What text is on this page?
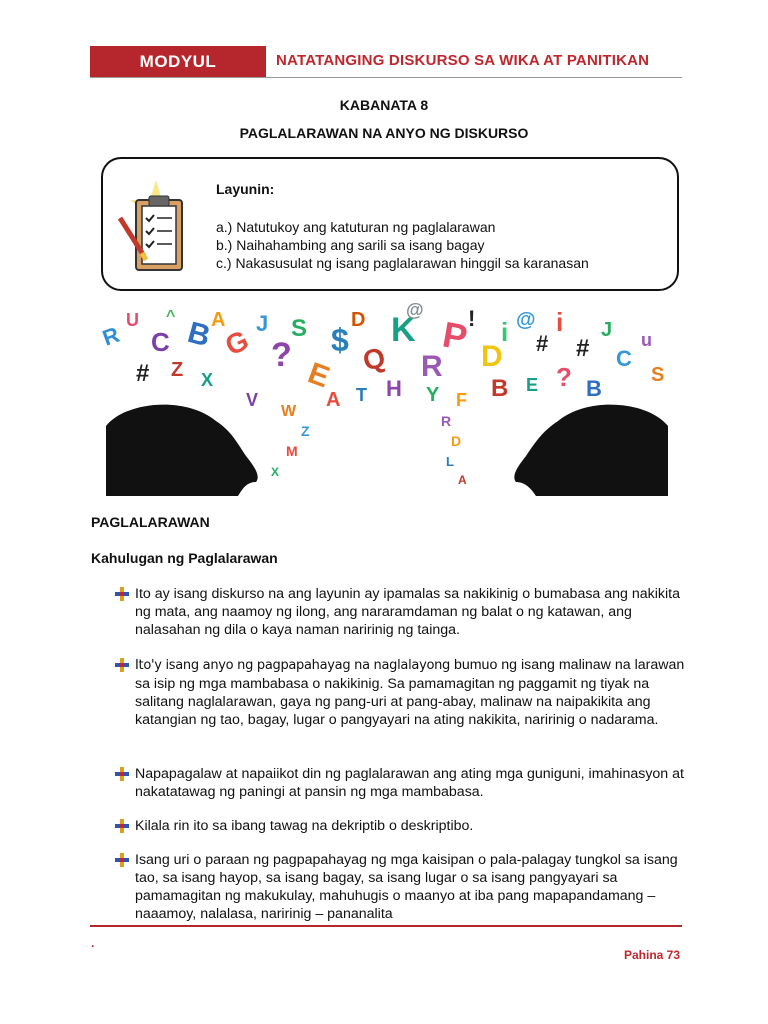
MODYUL	NATATANGING DISKURSO SA WIKA AT PANITIKAN
KABANATA 8
PAGLALARAWAN NA ANYO NG DISKURSO
Layunin:
a.) Natutukoy ang katuturan ng paglalarawan
b.) Naihahambing ang sarili sa isang bagay
c.) Nakasusulat ng isang paglalarawan hinggil sa karanasan
R
U
C
^ B
A
# Z X
G
J
?
S
E
$
D
Q
K
@
R
P
!
D
i @
#
i
#
J
C
u
S
A T H Y F B E ? B
V
W
Z
M
X
R
D
L
A
PAGLALARAWAN
Kahulugan ng Paglalarawan
Ito ay isang diskurso na ang layunin ay ipamalas sa nakikinig o bumabasa ang nakikita ng mata, ang naamoy ng ilong, ang nararamdaman ng balat o ng katawan, ang nalasahan ng dila o kaya naman naririnig ng tainga.
Ito'y isang anyo ng pagpapahayag na naglalayong bumuo ng isang malinaw na larawan sa isip ng mga mambabasa o nakikinig. Sa pamamagitan ng paggamit ng tiyak na salitang naglalarawan, gaya ng pang-uri at pang-abay, malinaw na naipakikita ang katangian ng tao, bagay, lugar o pangyayari na ating nakikita, naririnig o nadarama.
Napapagalaw at napaiikot din ng paglalarawan ang ating mga guniguni, imahinasyon at nakatatawag ng paningi at pansin ng mga mambabasa.
Kilala rin ito sa ibang tawag na dekriptib o deskriptibo.
Isang uri o paraan ng pagpapahayag ng mga kaisipan o pala-palagay tungkol sa isang tao, sa isang hayop, sa isang bagay, sa isang lugar o sa isang pangyayari sa pamamagitan ng makukulay, mahuhugis o maanyo at iba pang mapapandamang – naaamoy, nalalasa, naririnig – pananalita
.
Pahina 73
